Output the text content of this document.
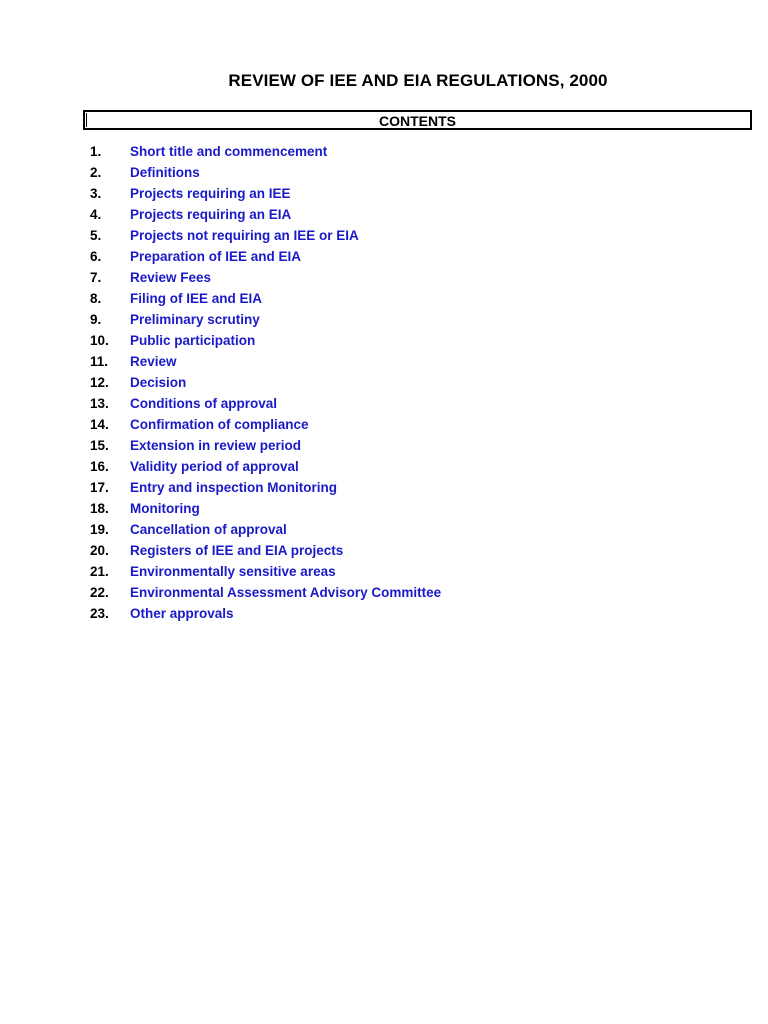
REVIEW OF IEE AND EIA REGULATIONS, 2000
CONTENTS
1. Short title and commencement
2. Definitions
3. Projects requiring an IEE
4. Projects requiring an EIA
5. Projects not requiring an IEE or EIA
6. Preparation of IEE and EIA
7. Review Fees
8. Filing of IEE and EIA
9. Preliminary scrutiny
10. Public participation
11. Review
12. Decision
13. Conditions of approval
14. Confirmation of compliance
15. Extension in review period
16. Validity period of approval
17. Entry and inspection Monitoring
18. Monitoring
19. Cancellation of approval
20. Registers of IEE and EIA projects
21. Environmentally sensitive areas
22. Environmental Assessment Advisory Committee
23. Other approvals
